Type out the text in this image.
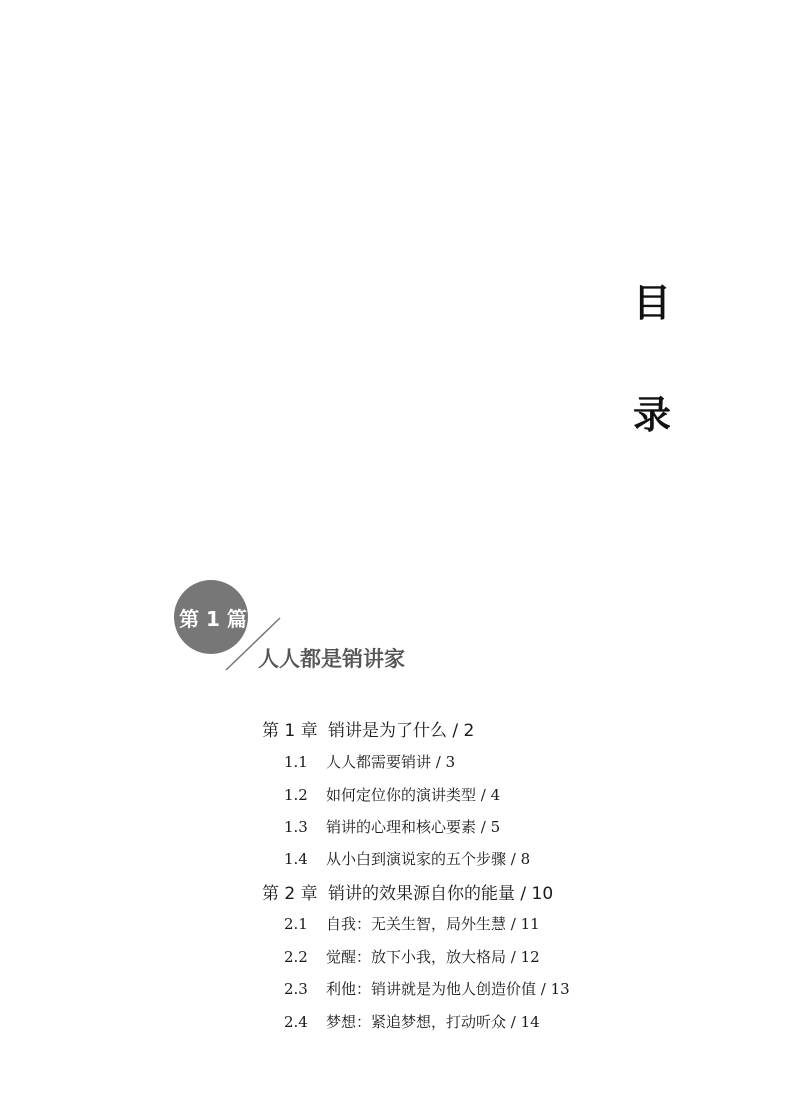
目
录
第 1 篇
人人都是销讲家
第 1 章 销讲是为了什么 / 2
1.1 人人都需要销讲 / 3
1.2 如何定位你的演讲类型 / 4
1.3 销讲的心理和核心要素 / 5
1.4 从小白到演说家的五个步骤 / 8
第 2 章 销讲的效果源自你的能量 / 10
2.1 自我：无关生智，局外生慧 / 11
2.2 觉醒：放下小我，放大格局 / 12
2.3 利他：销讲就是为他人创造价值 / 13
2.4 梦想：紧追梦想，打动听众 / 14
